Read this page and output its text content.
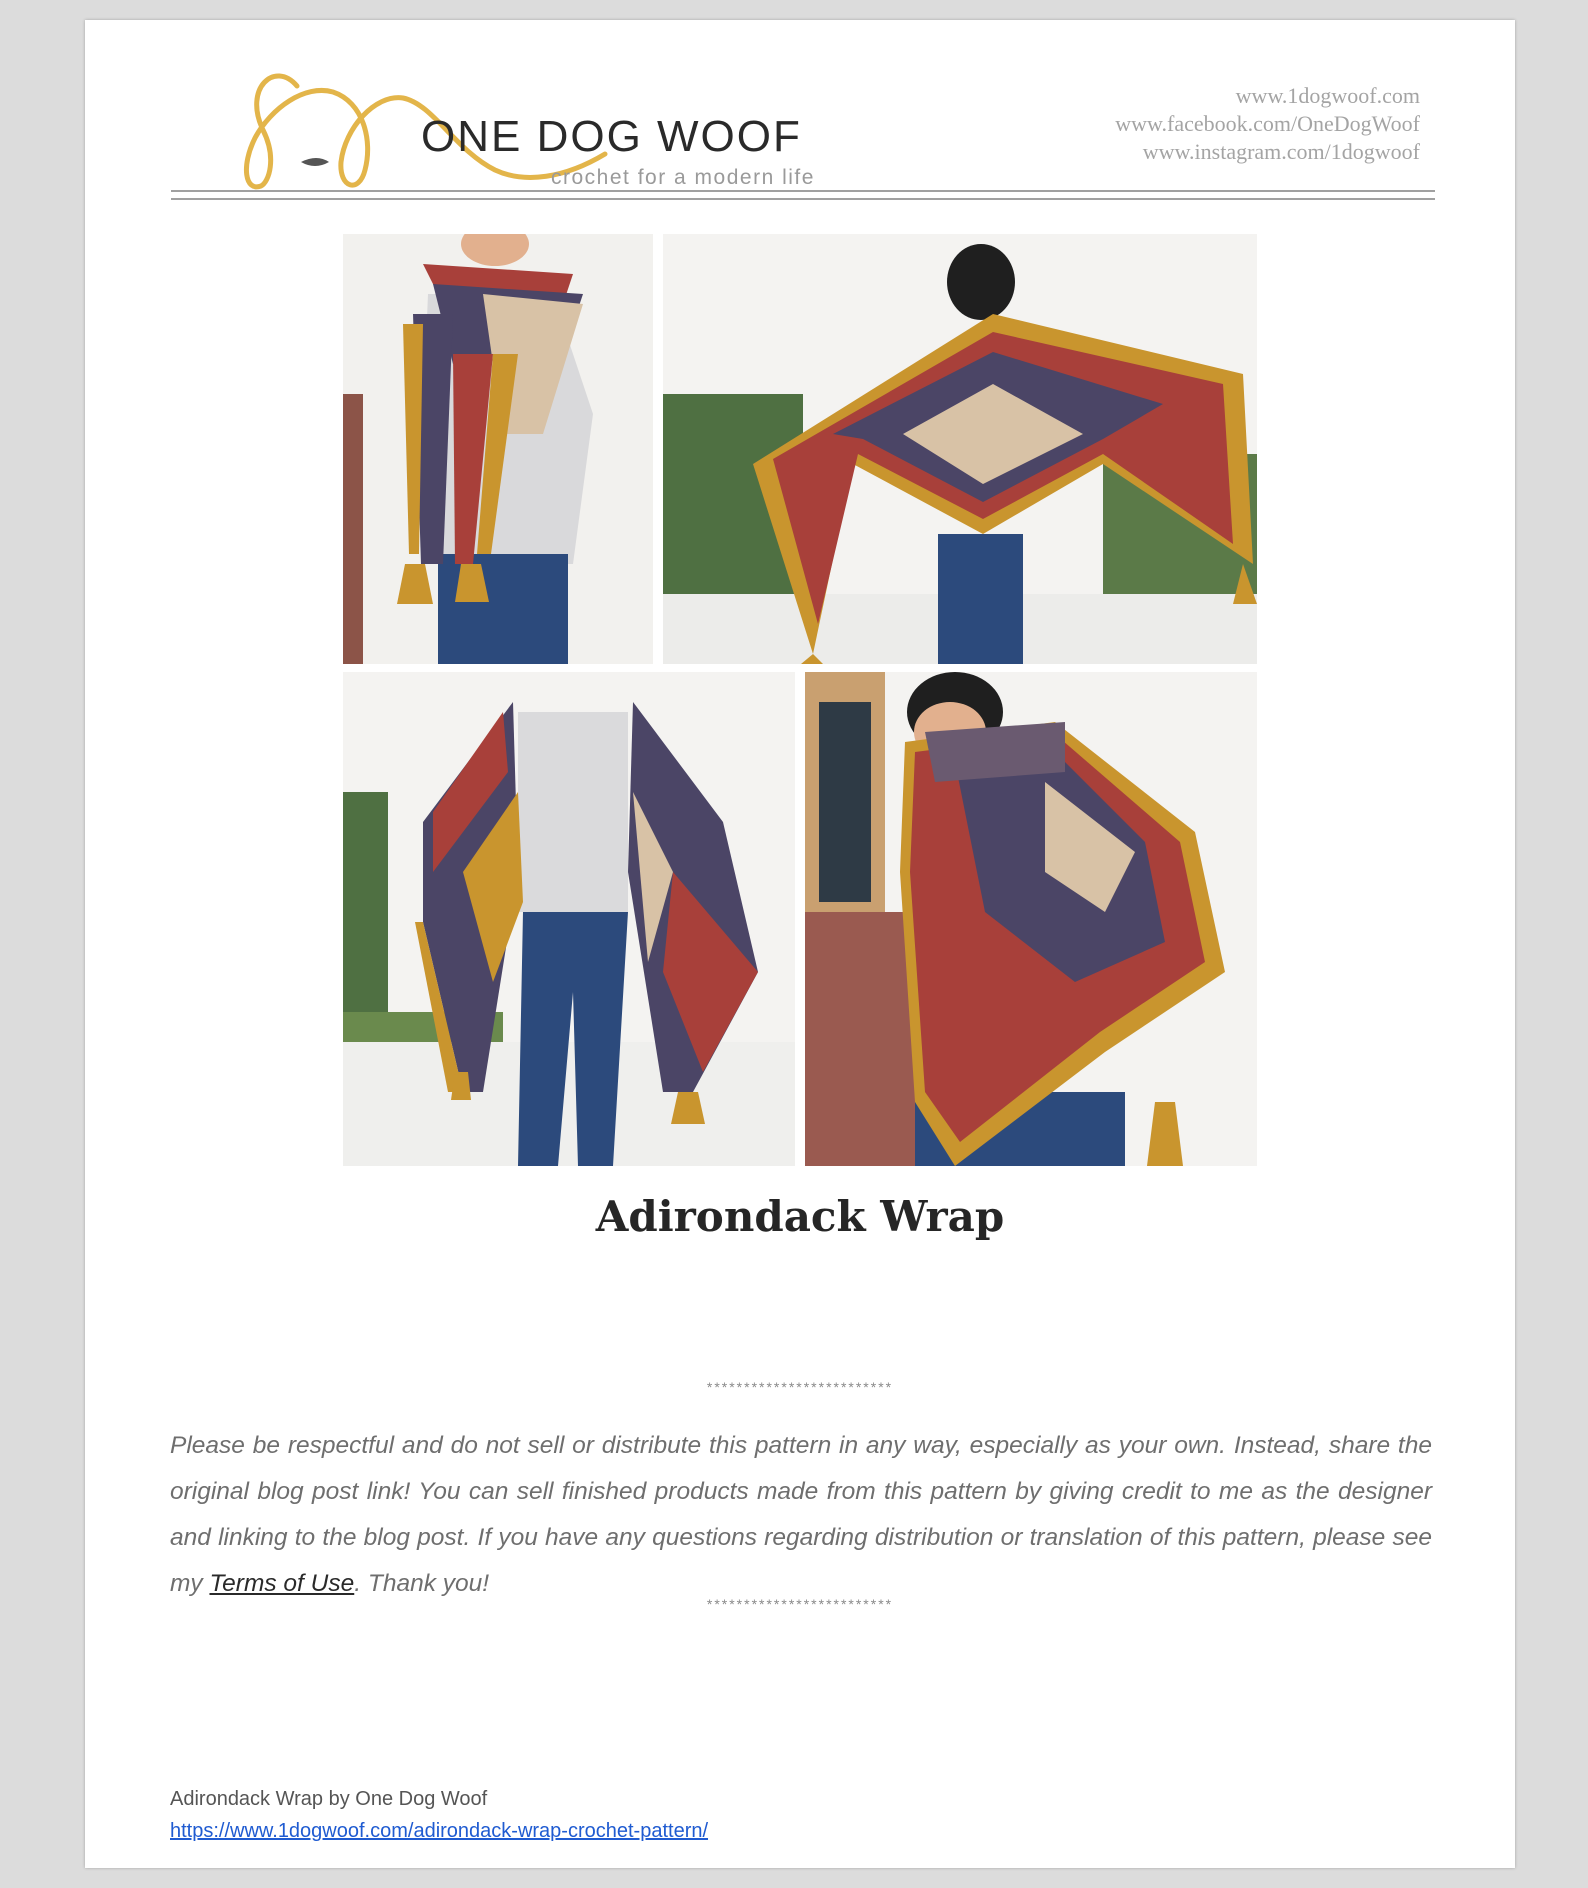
ONE DOG WOOF
crochet for a modern life
www.1dogwoof.com
www.facebook.com/OneDogWoof
www.instagram.com/1dogwoof
Adirondack Wrap
*************************
Please be respectful and do not sell or distribute this pattern in any way, especially as your own. Instead, share the original blog post link! You can sell finished products made from this pattern by giving credit to me as the designer and linking to the blog post. If you have any questions regarding distribution or translation of this pattern, please see my Terms of Use. Thank you!
*************************
Adirondack Wrap by One Dog Woof
https://www.1dogwoof.com/adirondack-wrap-crochet-pattern/
